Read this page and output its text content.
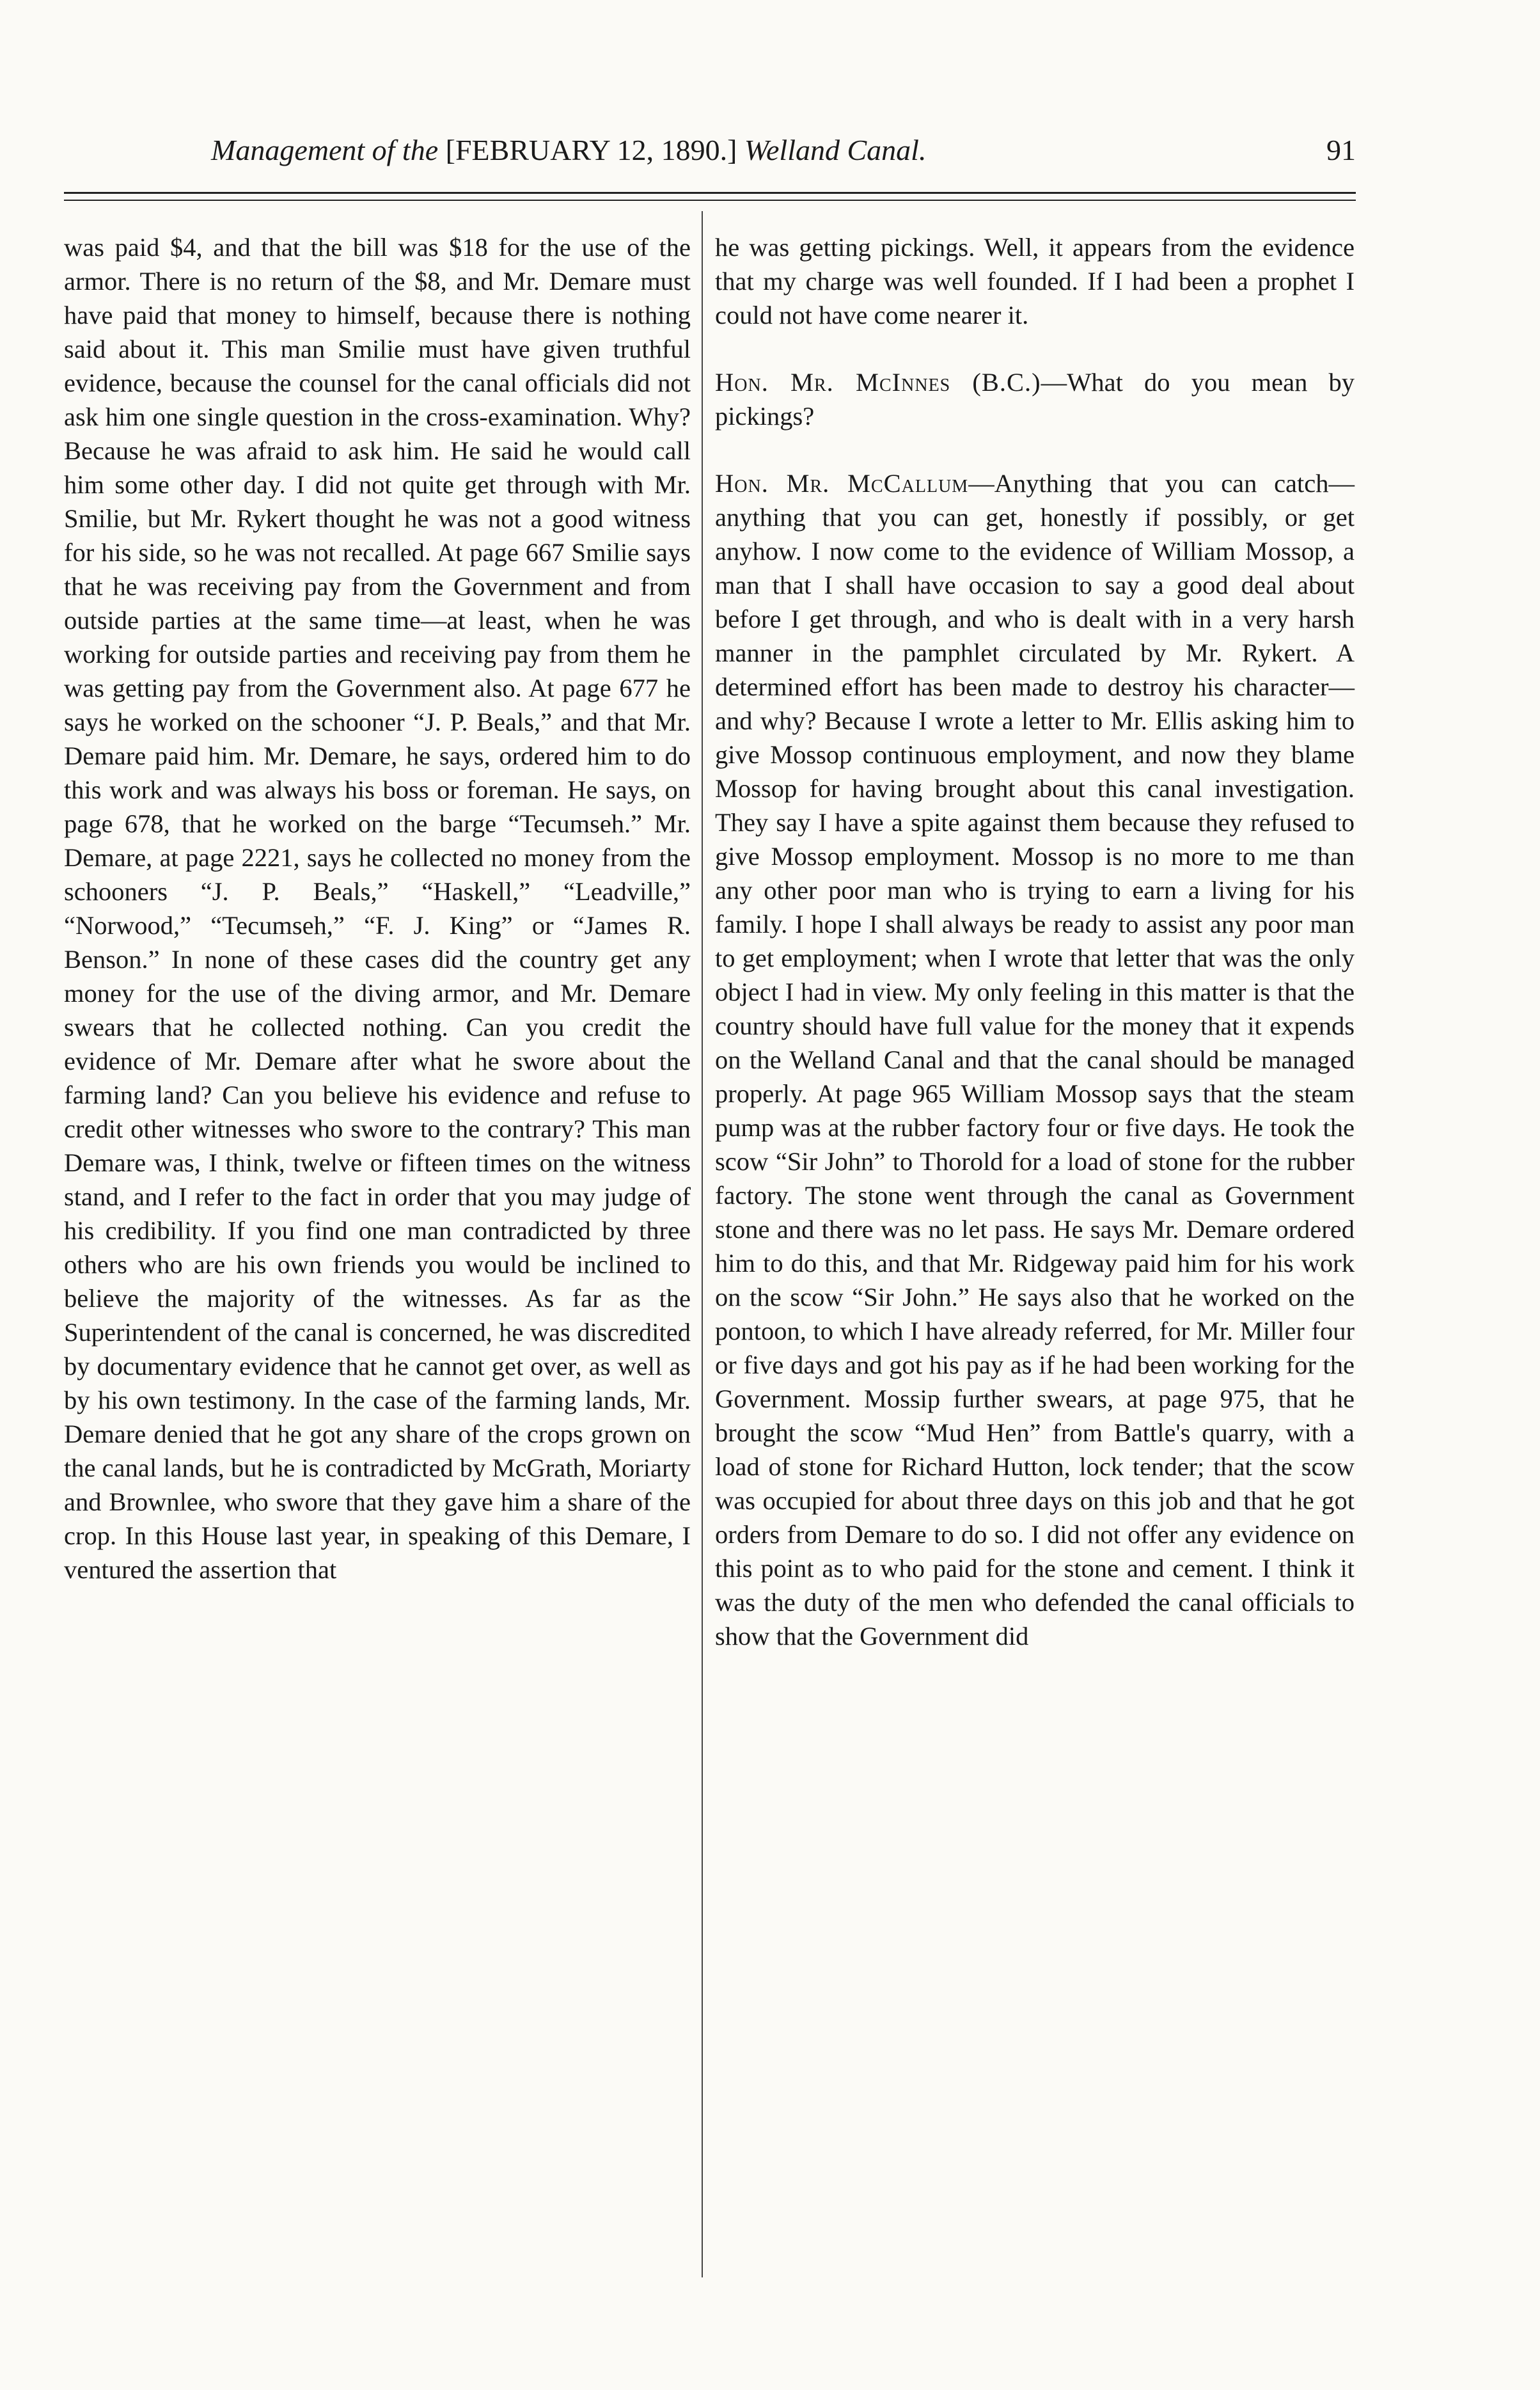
Management of the [FEBRUARY 12, 1890.] Welland Canal.	91

was paid $4, and that the bill was $18 for the use of the armor. There is no return of the $8, and Mr. Demare must have paid that money to himself, because there is nothing said about it. This man Smilie must have given truthful evidence, because the counsel for the canal officials did not ask him one single question in the cross-examination. Why? Because he was afraid to ask him. He said he would call him some other day. I did not quite get through with Mr. Smilie, but Mr. Rykert thought he was not a good witness for his side, so he was not recalled. At page 667 Smilie says that he was receiving pay from the Government and from outside parties at the same time—at least, when he was working for outside parties and receiving pay from them he was getting pay from the Government also. At page 677 he says he worked on the schooner “J. P. Beals,” and that Mr. Demare paid him. Mr. Demare, he says, ordered him to do this work and was always his boss or foreman. He says, on page 678, that he worked on the barge “Tecumseh.” Mr. Demare, at page 2221, says he collected no money from the schooners “J. P. Beals,” “Haskell,” “Leadville,” “Norwood,” “Tecumseh,” “F. J. King” or “James R. Benson.” In none of these cases did the country get any money for the use of the diving armor, and Mr. Demare swears that he collected nothing. Can you credit the evidence of Mr. Demare after what he swore about the farming land? Can you believe his evidence and refuse to credit other witnesses who swore to the contrary? This man Demare was, I think, twelve or fifteen times on the witness stand, and I refer to the fact in order that you may judge of his credibility. If you find one man contradicted by three others who are his own friends you would be inclined to believe the majority of the witnesses. As far as the Superintendent of the canal is concerned, he was discredited by documentary evidence that he cannot get over, as well as by his own testimony. In the case of the farming lands, Mr. Demare denied that he got any share of the crops grown on the canal lands, but he is contradicted by McGrath, Moriarty and Brownlee, who swore that they gave him a share of the crop. In this House last year, in speaking of this Demare, I ventured the assertion that

he was getting pickings. Well, it appears from the evidence that my charge was well founded. If I had been a prophet I could not have come nearer it.

Hon. Mr. McInnes (B.C.)—What do you mean by pickings?

Hon. Mr. McCallum—Anything that you can catch—anything that you can get, honestly if possibly, or get anyhow. I now come to the evidence of William Mossop, a man that I shall have occasion to say a good deal about before I get through, and who is dealt with in a very harsh manner in the pamphlet circulated by Mr. Rykert. A determined effort has been made to destroy his character—and why? Because I wrote a letter to Mr. Ellis asking him to give Mossop continuous employment, and now they blame Mossop for having brought about this canal investigation. They say I have a spite against them because they refused to give Mossop employment. Mossop is no more to me than any other poor man who is trying to earn a living for his family. I hope I shall always be ready to assist any poor man to get employment; when I wrote that letter that was the only object I had in view. My only feeling in this matter is that the country should have full value for the money that it expends on the Welland Canal and that the canal should be managed properly. At page 965 William Mossop says that the steam pump was at the rubber factory four or five days. He took the scow “Sir John” to Thorold for a load of stone for the rubber factory. The stone went through the canal as Government stone and there was no let pass. He says Mr. Demare ordered him to do this, and that Mr. Ridgeway paid him for his work on the scow “Sir John.” He says also that he worked on the pontoon, to which I have already referred, for Mr. Miller four or five days and got his pay as if he had been working for the Government. Mossip further swears, at page 975, that he brought the scow “Mud Hen” from Battle's quarry, with a load of stone for Richard Hutton, lock tender; that the scow was occupied for about three days on this job and that he got orders from Demare to do so. I did not offer any evidence on this point as to who paid for the stone and cement. I think it was the duty of the men who defended the canal officials to show that the Government did
